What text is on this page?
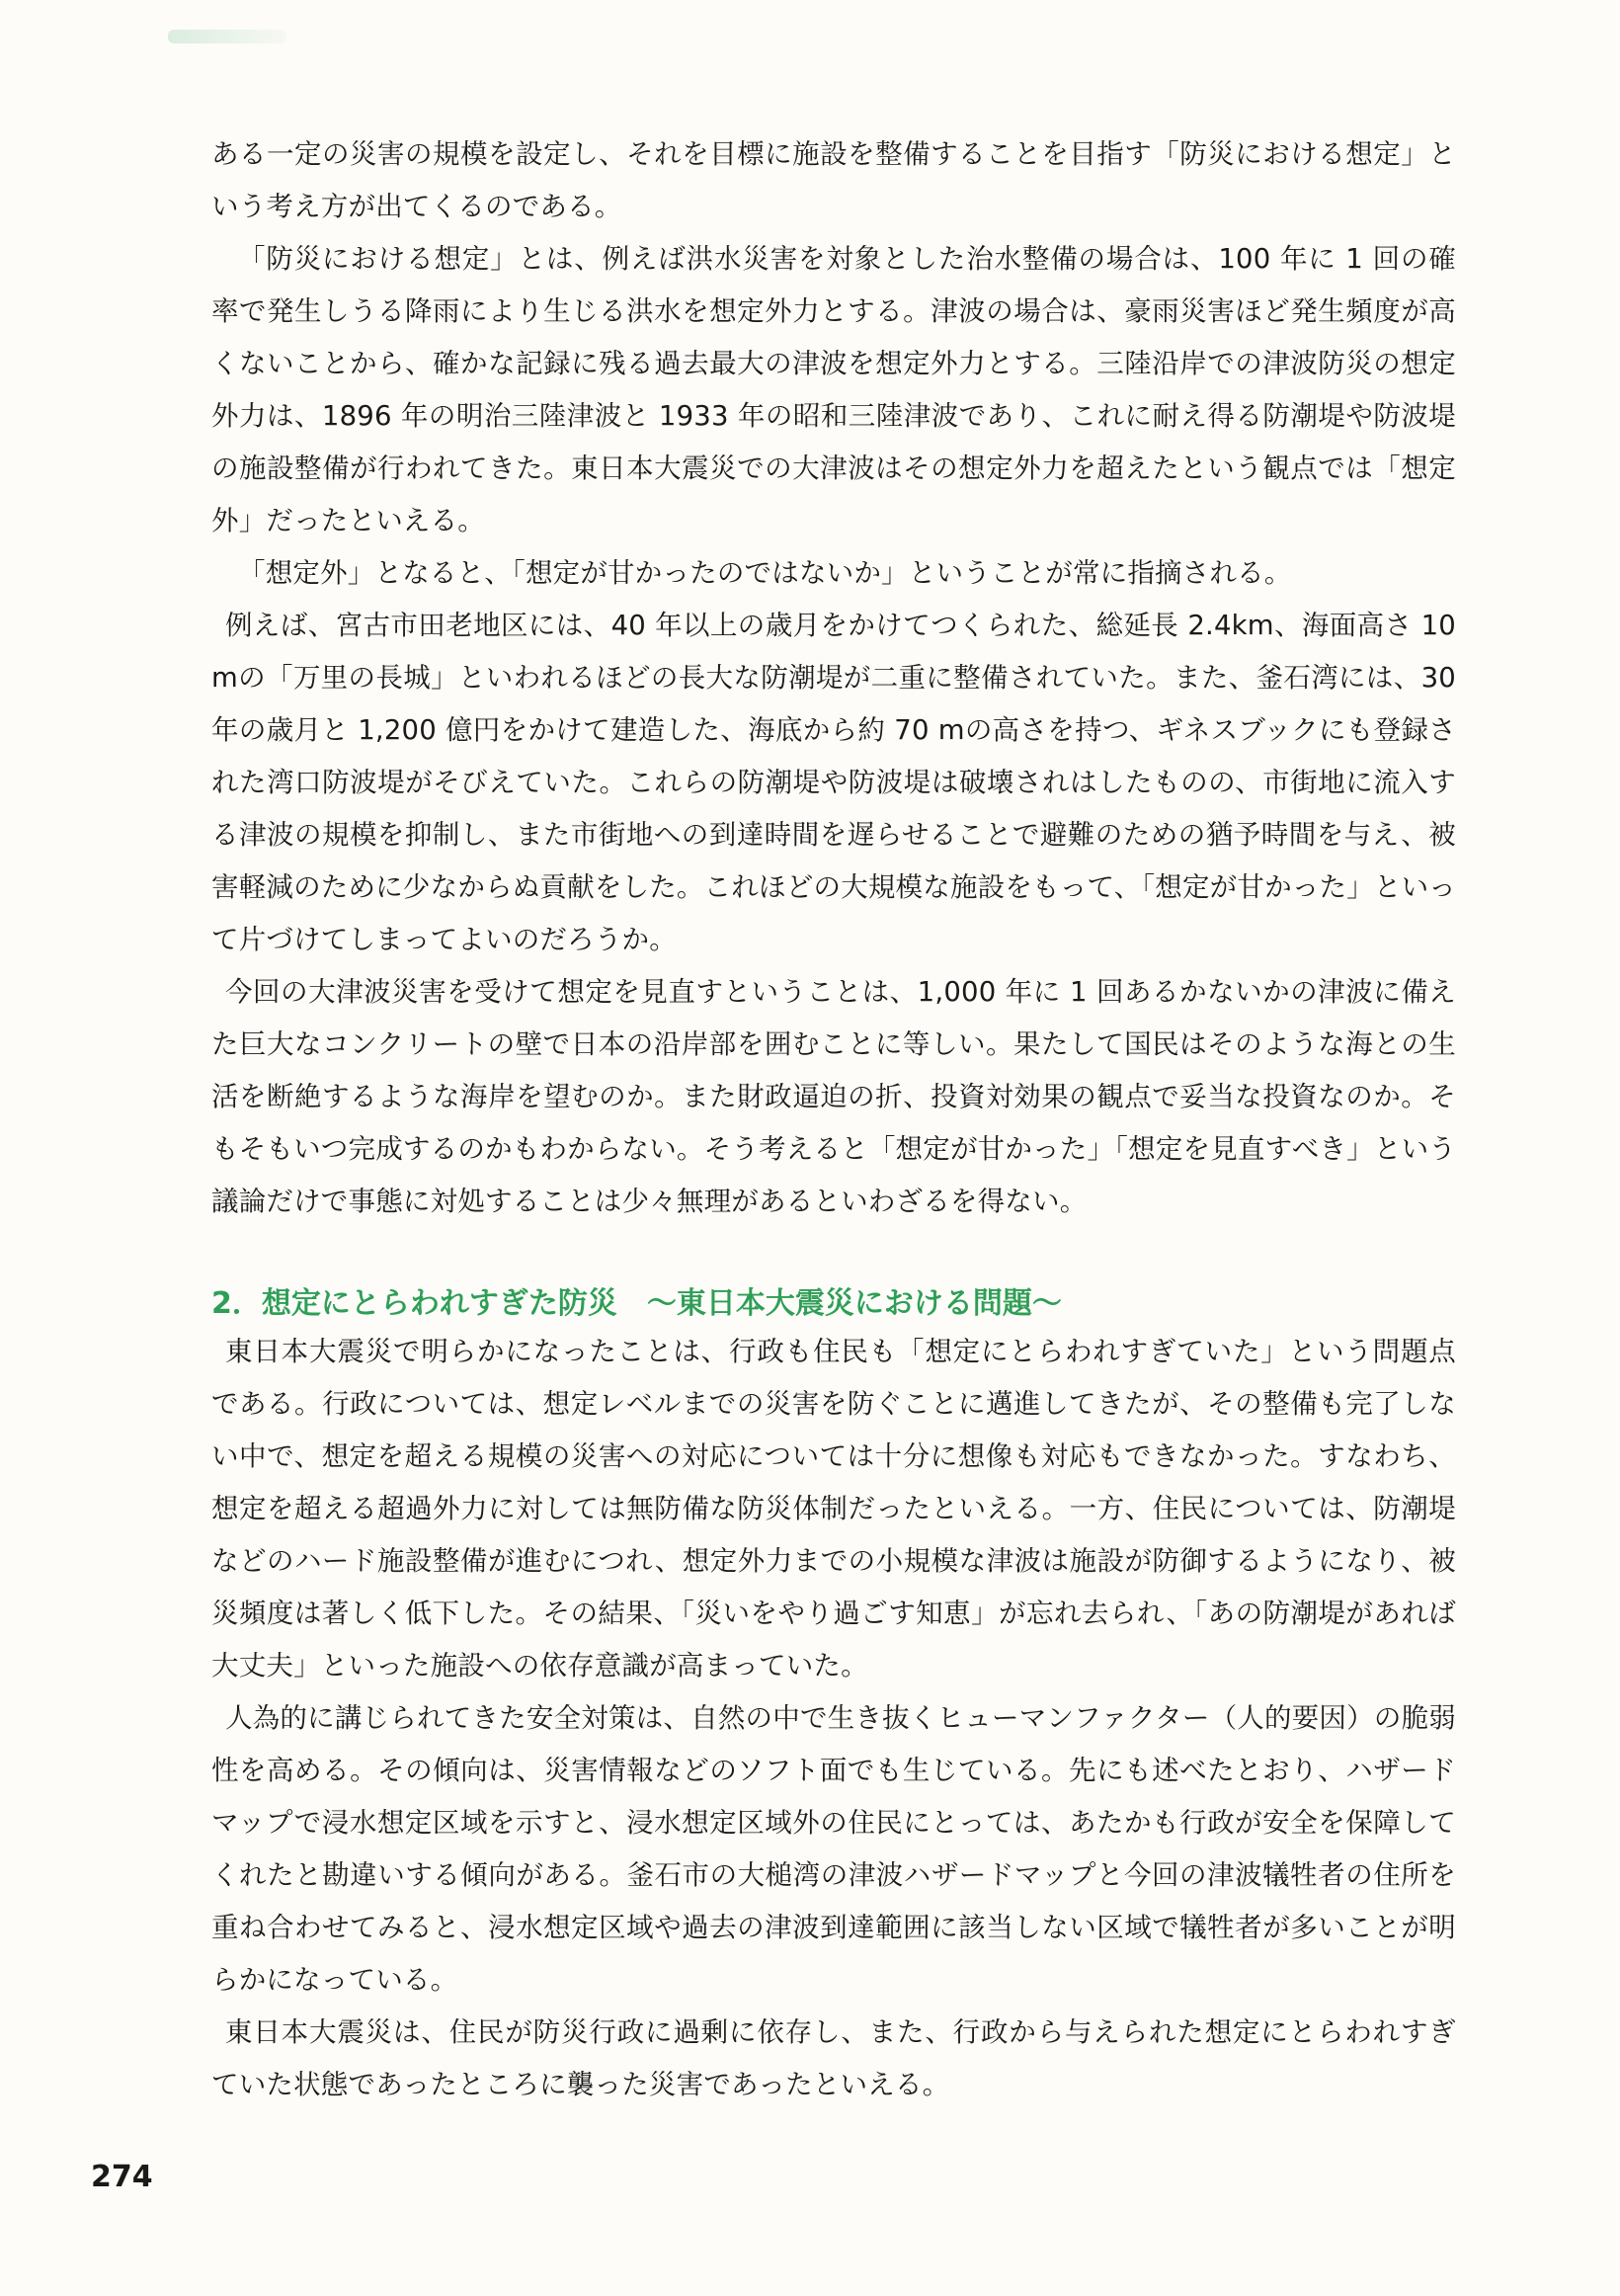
ある一定の災害の規模を設定し、それを目標に施設を整備することを目指す「防災における想定」という考え方が出てくるのである。

「防災における想定」とは、例えば洪水災害を対象とした治水整備の場合は、100 年に 1 回の確率で発生しうる降雨により生じる洪水を想定外力とする。津波の場合は、豪雨災害ほど発生頻度が高くないことから、確かな記録に残る過去最大の津波を想定外力とする。三陸沿岸での津波防災の想定外力は、1896 年の明治三陸津波と 1933 年の昭和三陸津波であり、これに耐え得る防潮堤や防波堤の施設整備が行われてきた。東日本大震災での大津波はその想定外力を超えたという観点では「想定外」だったといえる。

「想定外」となると、「想定が甘かったのではないか」ということが常に指摘される。

例えば、宮古市田老地区には、40 年以上の歳月をかけてつくられた、総延長 2.4km、海面高さ 10 mの「万里の長城」といわれるほどの長大な防潮堤が二重に整備されていた。また、釜石湾には、30 年の歳月と 1,200 億円をかけて建造した、海底から約 70 mの高さを持つ、ギネスブックにも登録された湾口防波堤がそびえていた。これらの防潮堤や防波堤は破壊されはしたものの、市街地に流入する津波の規模を抑制し、また市街地への到達時間を遅らせることで避難のための猶予時間を与え、被害軽減のために少なからぬ貢献をした。これほどの大規模な施設をもって、「想定が甘かった」といって片づけてしまってよいのだろうか。

今回の大津波災害を受けて想定を見直すということは、1,000 年に 1 回あるかないかの津波に備えた巨大なコンクリートの壁で日本の沿岸部を囲むことに等しい。果たして国民はそのような海との生活を断絶するような海岸を望むのか。また財政逼迫の折、投資対効果の観点で妥当な投資なのか。そもそもいつ完成するのかもわからない。そう考えると「想定が甘かった」「想定を見直すべき」という議論だけで事態に対処することは少々無理があるといわざるを得ない。

2．想定にとらわれすぎた防災　～東日本大震災における問題～

東日本大震災で明らかになったことは、行政も住民も「想定にとらわれすぎていた」という問題点である。行政については、想定レベルまでの災害を防ぐことに邁進してきたが、その整備も完了しない中で、想定を超える規模の災害への対応については十分に想像も対応もできなかった。すなわち、想定を超える超過外力に対しては無防備な防災体制だったといえる。一方、住民については、防潮堤などのハード施設整備が進むにつれ、想定外力までの小規模な津波は施設が防御するようになり、被災頻度は著しく低下した。その結果、「災いをやり過ごす知恵」が忘れ去られ、「あの防潮堤があれば大丈夫」といった施設への依存意識が高まっていた。

人為的に講じられてきた安全対策は、自然の中で生き抜くヒューマンファクター（人的要因）の脆弱性を高める。その傾向は、災害情報などのソフト面でも生じている。先にも述べたとおり、ハザードマップで浸水想定区域を示すと、浸水想定区域外の住民にとっては、あたかも行政が安全を保障してくれたと勘違いする傾向がある。釜石市の大槌湾の津波ハザードマップと今回の津波犠牲者の住所を重ね合わせてみると、浸水想定区域や過去の津波到達範囲に該当しない区域で犠牲者が多いことが明らかになっている。

東日本大震災は、住民が防災行政に過剰に依存し、また、行政から与えられた想定にとらわれすぎていた状態であったところに襲った災害であったといえる。

274
